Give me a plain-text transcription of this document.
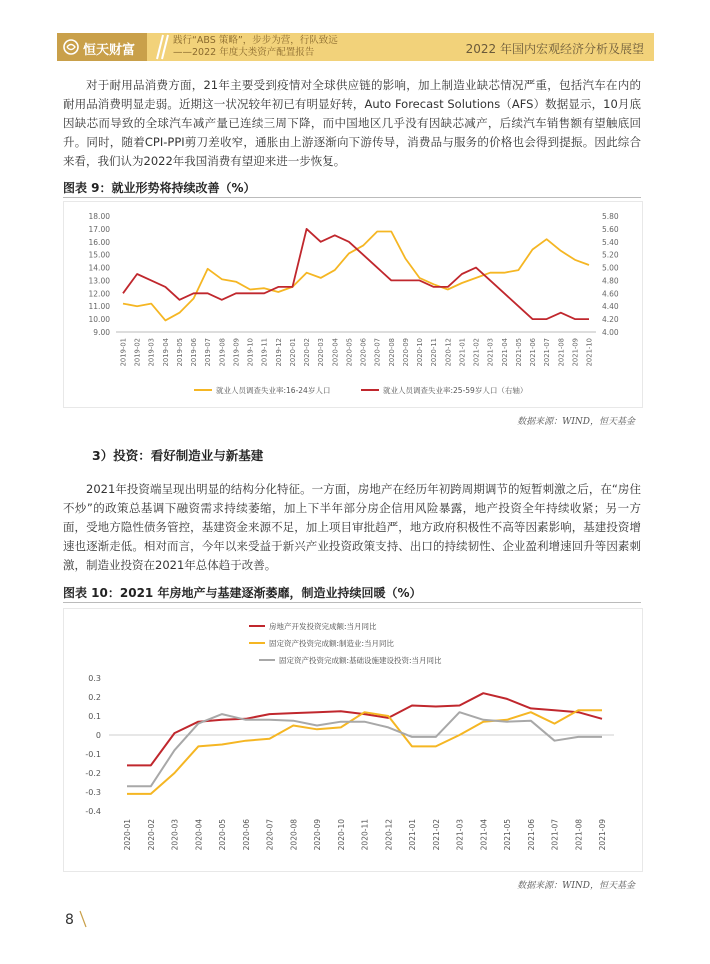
恒天财富
践行“ABS 策略”，步步为营，行队致远
——2022 年度大类资产配置报告	2022 年国内宏观经济分析及展望

对于耐用品消费方面，21年主要受到疫情对全球供应链的影响，加上制造业缺芯情况严重，包括汽车在内的耐用品消费明显走弱。近期这一状况较年初已有明显好转，Auto Forecast Solutions（AFS）数据显示，10月底因缺芯而导致的全球汽车减产量已连续三周下降，而中国地区几乎没有因缺芯减产，后续汽车销售额有望触底回升。同时，随着CPI-PPI剪刀差收窄，通胀由上游逐渐向下游传导，消费品与服务的价格也会得到提振。因此综合来看，我们认为2022年我国消费有望迎来进一步恢复。

图表 9：就业形势将持续改善（%）
9.00
10.00
11.00
12.00
13.00
14.00
15.00
16.00
17.00
18.00
4.00
4.20
4.40
4.60
4.80
5.00
5.20
5.40
5.60
5.80
2019-01 2019-02 2019-03 2019-04 2019-05 2019-06 2019-07 2019-08 2019-09 2019-10 2019-11 2019-12 2020-01 2020-02 2020-03 2020-04 2020-05 2020-06 2020-07 2020-08 2020-09 2020-10 2020-11 2020-12 2021-01 2021-02 2021-03 2021-04 2021-05 2021-06 2021-07 2021-08 2021-09 2021-10
就业人员调查失业率:16-24岁人口	就业人员调查失业率:25-59岁人口（右轴）
数据来源：WIND，恒天基金
3）投资：看好制造业与新基建

2021年投资端呈现出明显的结构分化特征。一方面，房地产在经历年初跨周期调节的短暂刺激之后，在“房住不炒”的政策总基调下融资需求持续萎缩，加上下半年部分房企信用风险暴露，地产投资全年持续收紧；另一方面，受地方隐性债务管控，基建资金来源不足，加上项目审批趋严，地方政府积极性不高等因素影响，基建投资增速也逐渐走低。相对而言，今年以来受益于新兴产业投资政策支持、出口的持续韧性、企业盈利增速回升等因素刺激，制造业投资在2021年总体趋于改善。

图表 10：2021 年房地产与基建逐渐萎靡，制造业持续回暖（%）
0.3
0.2
0.1
0
-0.1
-0.2
-0.3
-0.4
2020-01 2020-02 2020-03 2020-04 2020-05 2020-06 2020-07 2020-08 2020-09 2020-10 2020-11 2020-12 2021-01 2021-02 2021-03 2021-04 2021-05 2021-06 2021-07 2021-08 2021-09
房地产开发投资完成额:当月同比
固定资产投资完成额:制造业:当月同比
固定资产投资完成额:基础设施建设投资:当月同比
数据来源：WIND，恒天基金
8
